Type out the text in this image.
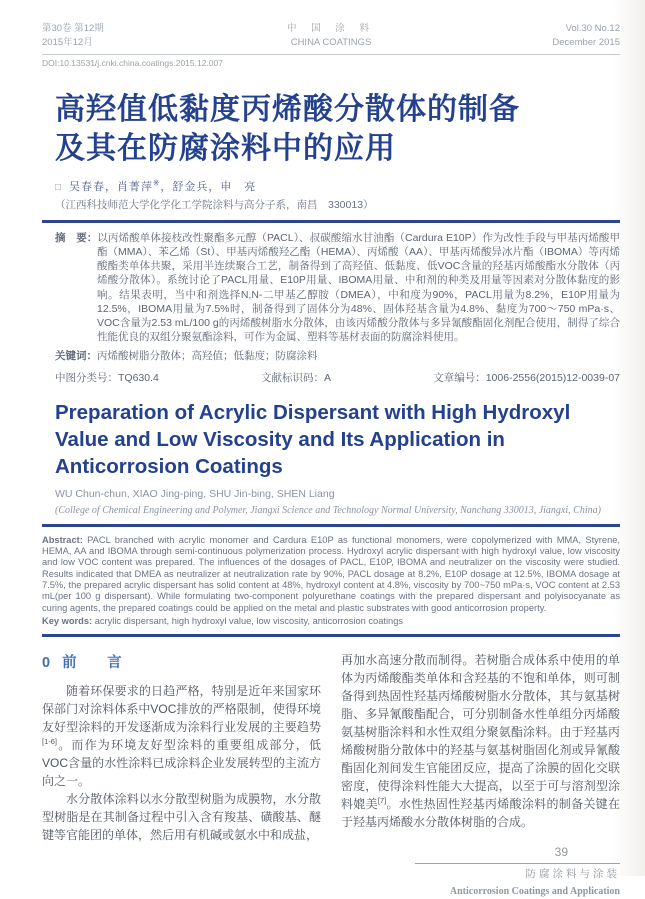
第30卷 第12期
2015年12月
中 国 涂 料
CHINA COATINGS
Vol.30 No.12
December 2015
DOI:10.13531/j.cnki.china.coatings.2015.12.007
高羟值低黏度丙烯酸分散体的制备
及其在防腐涂料中的应用
□ 吴春春，肖菁萍※，舒金兵，申　亮
（江西科技师范大学化学化工学院涂料与高分子系，南昌　330013）

摘　要：以丙烯酸单体接枝改性聚酯多元醇（PACL）、叔碳酸缩水甘油酯（Cardura E10P）作为改性手段与甲基丙烯酸甲酯（MMA）、苯乙烯（St）、甲基丙烯酸羟乙酯（HEMA）、丙烯酸（AA）、甲基丙烯酸异冰片酯（IBOMA）等丙烯酸酯类单体共聚，采用半连续聚合工艺，制备得到了高羟值、低黏度、低VOC含量的羟基丙烯酸酯水分散体（丙烯酸分散体）。系统讨论了PACL用量、E10P用量、IBOMA用量、中和剂的种类及用量等因素对分散体黏度的影响。结果表明，当中和剂选择N,N-二甲基乙醇胺（DMEA），中和度为90%，PACL用量为8.2%，E10P用量为12.5%，IBOMA用量为7.5%时，制备得到了固体分为48%、固体羟基含量为4.8%、黏度为700～750 mPa·s、VOC含量为2.53 mL/100 g的丙烯酸树脂水分散体，由该丙烯酸分散体与多异氰酸酯固化剂配合使用，制得了综合性能优良的双组分聚氨酯涂料，可作为金属、塑料等基材表面的防腐涂料使用。

关键词：丙烯酸树脂分散体；高羟值；低黏度；防腐涂料

中图分类号：TQ630.4	文献标识码：A	文章编号：1006-2556(2015)12-0039-07
Preparation of Acrylic Dispersant with High Hydroxyl Value and Low Viscosity and Its Application in Anticorrosion Coatings
WU Chun-chun, XIAO Jing-ping, SHU Jin-bing, SHEN Liang
(College of Chemical Engineering and Polymer, Jiangxi Science and Technology Normal University, Nanchang 330013, Jiangxi, China)

Abstract: PACL branched with acrylic monomer and Cardura E10P as functional monomers, were copolymerized with MMA, Styrene, HEMA, AA and IBOMA through semi-continuous polymerization process. Hydroxyl acrylic dispersant with high hydroxyl value, low viscosity and low VOC content was prepared. The influences of the dosages of PACL, E10P, IBOMA and neutralizer on the viscosity were studied. Results indicated that DMEA as neutralizer at neutralization rate by 90%, PACL dosage at 8.2%, E10P dosage at 12.5%, IBOMA dosage at 7.5%, the prepared acrylic dispersant has solid content at 48%, hydroxyl content at 4.8%, viscosity by 700~750 mPa·s, VOC content at 2.53 mL(per 100 g dispersant). While formulating two-component polyurethane coatings with the prepared dispersant and polyisocyanate as curing agents, the prepared coatings could be applied on the metal and plastic substrates with good anticorrosion property.

Key words: acrylic dispersant, high hydroxyl value, low viscosity, anticorrosion coatings

0 前　言

随着环保要求的日趋严格，特别是近年来国家环保部门对涂料体系中VOC排放的严格限制，使得环境友好型涂料的开发逐渐成为涂料行业发展的主要趋势[1-6]。而作为环境友好型涂料的重要组成部分，低VOC含量的水性涂料已成涂料企业发展转型的主流方向之一。

水分散体涂料以水分散型树脂为成膜物，水分散型树脂是在其制备过程中引入含有羧基、磺酸基、醚键等官能团的单体，然后用有机碱或氨水中和成盐，

再加水高速分散而制得。若树脂合成体系中使用的单体为丙烯酸酯类单体和含羟基的不饱和单体，则可制备得到热固性羟基丙烯酸树脂水分散体，其与氨基树脂、多异氰酸酯配合，可分别制备水性单组分丙烯酸氨基树脂涂料和水性双组分聚氨酯涂料。由于羟基丙烯酸树脂分散体中的羟基与氨基树脂固化剂或异氰酸酯固化剂间发生官能团反应，提高了涂膜的固化交联密度，使得涂料性能大大提高，以至于可与溶剂型涂料媲美[7]。水性热固性羟基丙烯酸涂料的制备关键在于羟基丙烯酸水分散体树脂的合成。

39
防腐涂料与涂装
Anticorrosion Coatings and Application
